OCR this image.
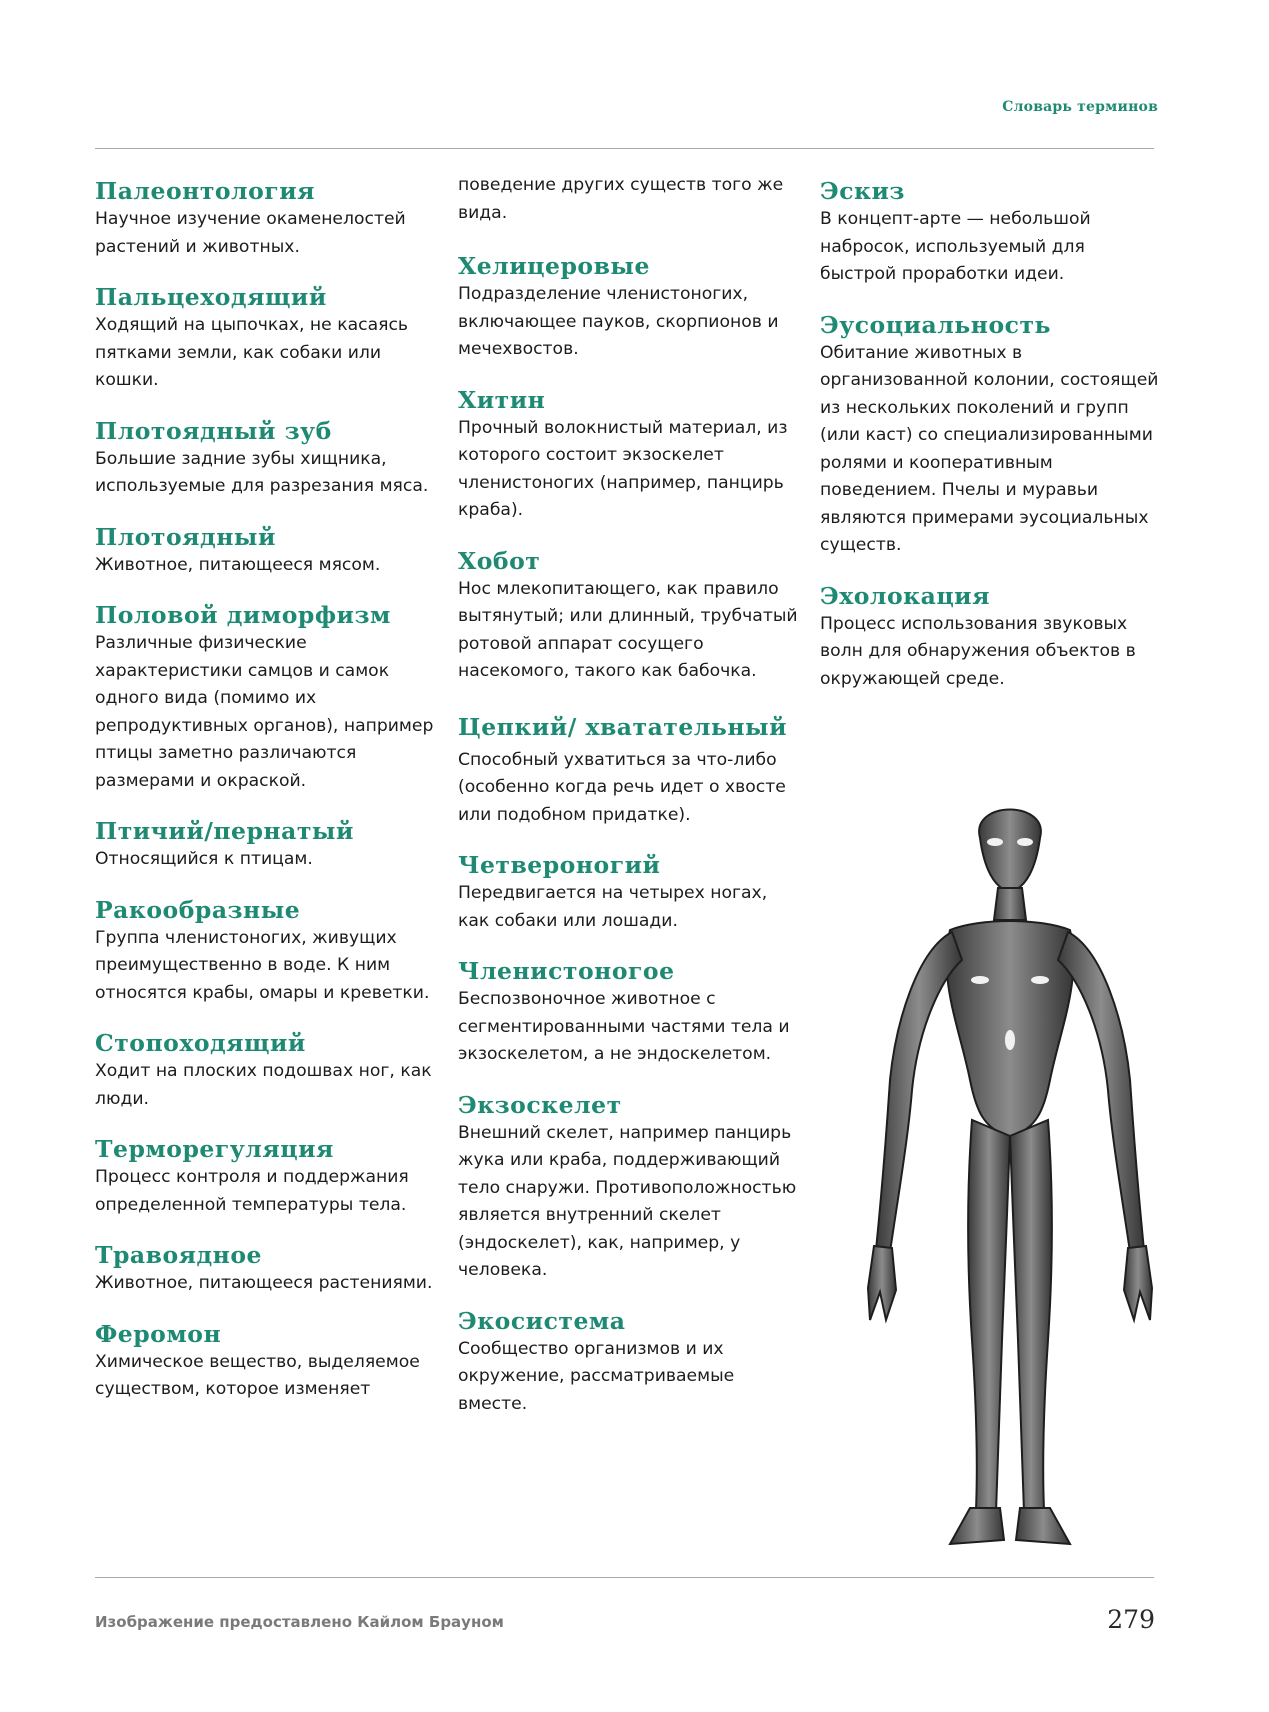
Словарь терминов
Палеонтология
Научное изучение окаменелостей растений и животных.
Пальцеходящий
Ходящий на цыпочках, не касаясь пятками земли, как собаки или кошки.
Плотоядный зуб
Большие задние зубы хищника, используемые для разрезания мяса.
Плотоядный
Животное, питающееся мясом.
Половой диморфизм
Различные физические характеристики самцов и самок одного вида (помимо их репродуктивных органов), например птицы заметно различаются размерами и окраской.
Птичий/пернатый
Относящийся к птицам.
Ракообразные
Группа членистоногих, живущих преимущественно в воде. К ним относятся крабы, омары и креветки.
Стопоходящий
Ходит на плоских подошвах ног, как люди.
Терморегуляция
Процесс контроля и поддержания определенной температуры тела.
Травоядное
Животное, питающееся растениями.
Феромон
Химическое вещество, выделяемое существом, которое изменяет
поведение других существ того же вида.
Хелицеровые
Подразделение членистоногих, включающее пауков, скорпионов и мечехвостов.
Хитин
Прочный волокнистый материал, из которого состоит экзоскелет членистоногих (например, панцирь краба).
Хобот
Нос млекопитающего, как правило вытянутый; или длинный, трубчатый ротовой аппарат сосущего насекомого, такого как бабочка.
Цепкий/ хватательный
Способный ухватиться за что-либо (особенно когда речь идет о хвосте или подобном придатке).
Четвероногий
Передвигается на четырех ногах, как собаки или лошади.
Членистоногое
Беспозвоночное животное с сегментированными частями тела и экзоскелетом, а не эндоскелетом.
Экзоскелет
Внешний скелет, например панцирь жука или краба, поддерживающий тело снаружи. Противоположностью является внутренний скелет (эндоскелет), как, например, у человека.
Экосистема
Сообщество организмов и их окружение, рассматриваемые вместе.
Эскиз
В концепт-арте — небольшой набросок, используемый для быстрой проработки идеи.
Эусоциальность
Обитание животных в организованной колонии, состоящей из нескольких поколений и групп (или каст) со специализированными ролями и кооперативным поведением. Пчелы и муравьи являются примерами эусоциальных существ.
Эхолокация
Процесс использования звуковых волн для обнаружения объектов в окружающей среде.
Изображение предоставлено Кайлом Брауном	279
